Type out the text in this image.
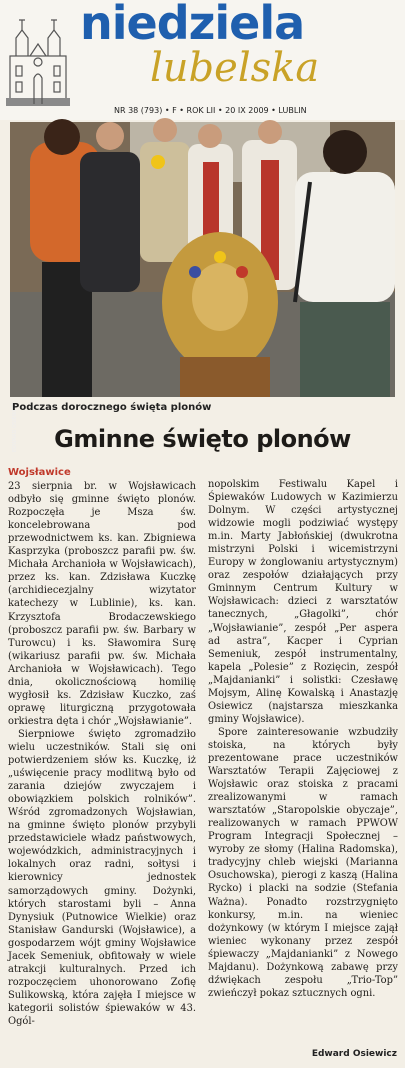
niedziela
lubelska
NR 38 (793) • F • ROK LII • 20 IX 2009 • LUBLIN
EDWARD OSIEWICZ
Podczas dorocznego święta plonów
Gminne święto plonów
Wojsławice

23 sierpnia br. w Wojsławicach odbyło się gminne święto plonów. Rozpoczęła je Msza św. koncelebrowana pod przewodnictwem ks. kan. Zbigniewa Kasprzyka (proboszcz parafii pw. św. Michała Archanioła w Wojsławicach), przez ks. kan. Zdzisława Kuczkę (archidiecezjalny wizytator katechezy w Lublinie), ks. kan. Krzysztofa Brodaczewskiego (proboszcz parafii pw. św. Barbary w Turowcu) i ks. Sławomira Surę (wikariusz parafii pw. św. Michała Archanioła w Wojsławicach). Tego dnia, okolicznościową homilię wygłosił ks. Zdzisław Kuczko, zaś oprawę liturgiczną przygotowała orkiestra dęta i chór „Wojsławianie”.

Sierpniowe święto zgromadziło wielu uczestników. Stali się oni potwierdzeniem słów ks. Kuczkę, iż „uświęcenie pracy modlitwą było od zarania dziejów zwyczajem i obowiązkiem polskich rolników”. Wśród zgromadzonych Wojsławian, na gminne święto plonów przybyli przedstawiciele władz państwowych, wojewódzkich, administracyjnych i lokalnych oraz radni, sołtysi i kierownicy jednostek samorządowych gminy. Dożynki, których starostami byli – Anna Dynysiuk (Putnowice Wielkie) oraz Stanisław Gandurski (Wojsławice), a gospodarzem wójt gminy Wojsławice Jacek Semeniuk, obfitowały w wiele atrakcji kulturalnych. Przed ich rozpoczęciem uhonorowano Zofię Sulikowską, która zajęła I miejsce w kategorii solistów śpiewaków w 43. Ogól-

nopolskim Festiwalu Kapel i Śpiewaków Ludowych w Kazimierzu Dolnym. W części artystycznej widzowie mogli podziwiać występy m.in. Marty Jabłońskiej (dwukrotna mistrzyni Polski i wicemistrzyni Europy w żonglowaniu artystycznym) oraz zespołów działających przy Gminnym Centrum Kultury w Wojsławicach: dzieci z warsztatów tanecznych, „Głagolki”, chór „Wojsławianie”, zespół „Per aspera ad astra”, Kacper i Cyprian Semeniuk, zespół instrumentalny, kapela „Polesie” z Rozięcin, zespół „Majdanianki” i solistki: Czesławę Mojsym, Alinę Kowalską i Anastazję Osiewicz (najstarsza mieszkanka gminy Wojsławice).

Spore zainteresowanie wzbudziły stoiska, na których były prezentowane prace uczestników Warsztatów Terapii Zajęciowej z Wojsławic oraz stoiska z pracami zrealizowanymi w ramach warsztatów „Staropolskie obyczaje”, realizowanych w ramach PPWOW Program Integracji Społecznej – wyroby ze słomy (Halina Radomska), tradycyjny chleb wiejski (Marianna Osuchowska), pierogi z kaszą (Halina Rycko) i placki na sodzie (Stefania Ważna). Ponadto rozstrzygnięto konkursy, m.in. na wieniec dożynkowy (w którym I miejsce zajął wieniec wykonany przez zespół śpiewaczy „Majdanianki” z Nowego Majdanu). Dożynkową zabawę przy dźwiękach zespołu „Trio-Top” zwieńczył pokaz sztucznych ogni.

Edward Osiewicz
